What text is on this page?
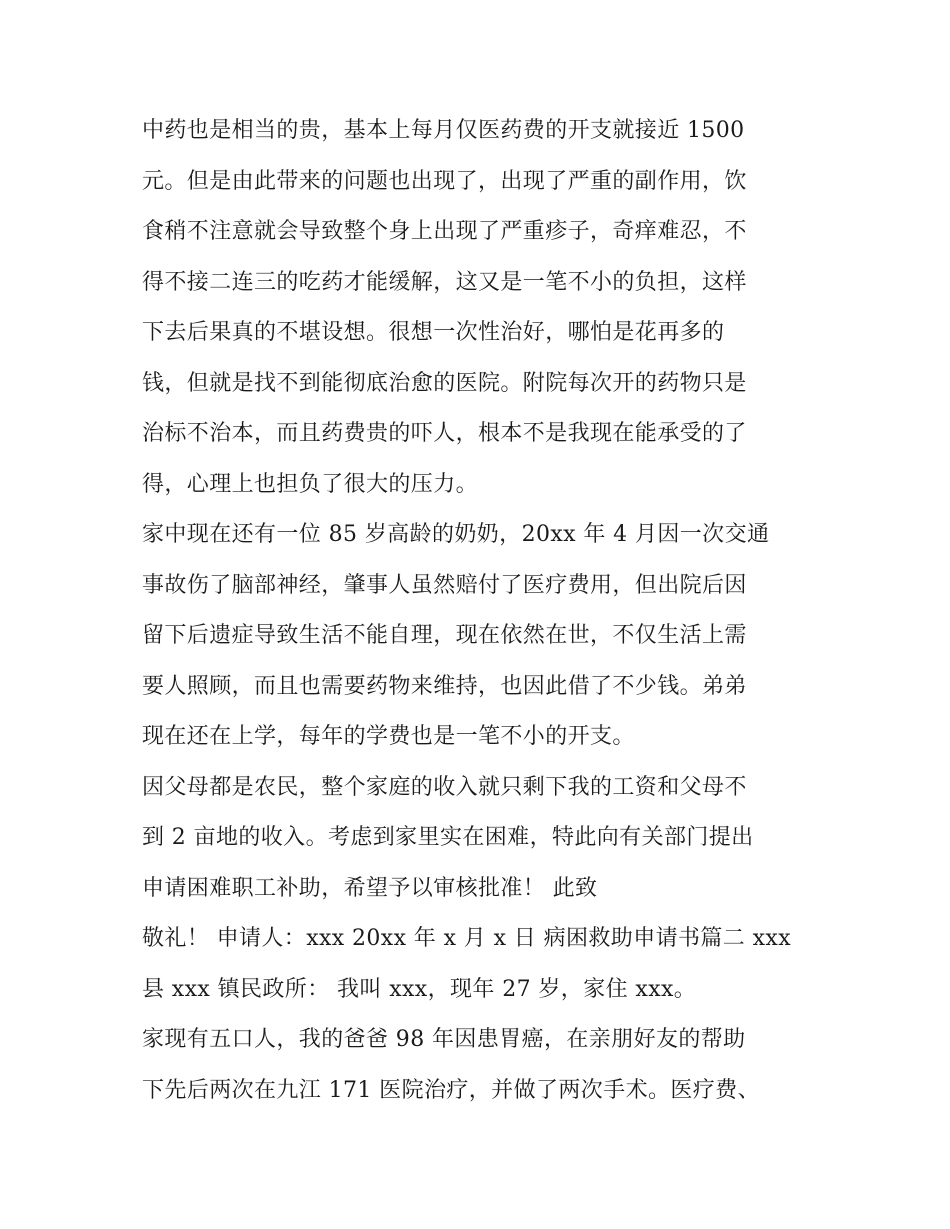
中药也是相当的贵，基本上每月仅医药费的开支就接近 1500
元。但是由此带来的问题也出现了，出现了严重的副作用，饮
食稍不注意就会导致整个身上出现了严重疹子，奇痒难忍，不
得不接二连三的吃药才能缓解，这又是一笔不小的负担，这样
下去后果真的不堪设想。很想一次性治好，哪怕是花再多的
钱，但就是找不到能彻底治愈的医院。附院每次开的药物只是
治标不治本，而且药费贵的吓人，根本不是我现在能承受的了
得，心理上也担负了很大的压力。
家中现在还有一位 85 岁高龄的奶奶，20xx 年 4 月因一次交通
事故伤了脑部神经，肇事人虽然赔付了医疗费用，但出院后因
留下后遗症导致生活不能自理，现在依然在世，不仅生活上需
要人照顾，而且也需要药物来维持，也因此借了不少钱。弟弟
现在还在上学，每年的学费也是一笔不小的开支。
因父母都是农民，整个家庭的收入就只剩下我的工资和父母不
到 2 亩地的收入。考虑到家里实在困难，特此向有关部门提出
申请困难职工补助，希望予以审核批准！ 此致
敬礼！ 申请人：xxx 20xx 年 x 月 x 日 病困救助申请书篇二 xxx
县 xxx 镇民政所： 我叫 xxx，现年 27 岁，家住 xxx。
家现有五口人，我的爸爸 98 年因患胃癌，在亲朋好友的帮助
下先后两次在九江 171 医院治疗，并做了两次手术。医疗费、
